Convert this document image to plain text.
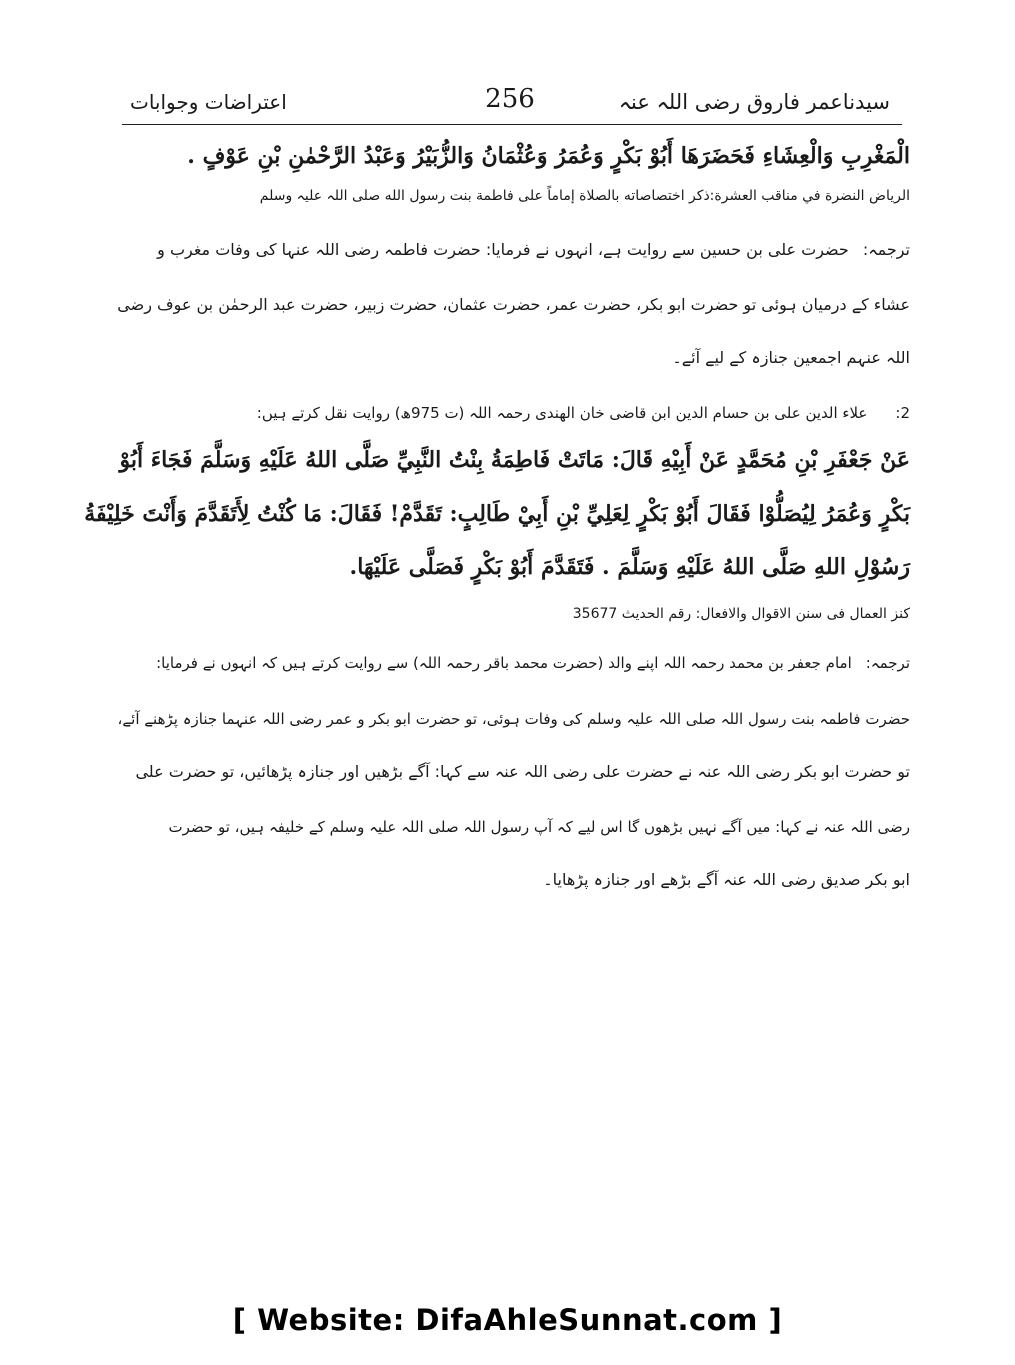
اعتراضات وجوابات	256	سیدناعمر فاروق رضی اللہ عنہ
الْمَغْرِبِ وَالْعِشَاءِ فَحَضَرَهَا أَبُوْ بَكْرٍ وَعُمَرُ وَعُثْمَانُ وَالزُّبَيْرُ وَعَبْدُ الرَّحْمٰنِ بْنِ عَوْفٍ .
الرياض النضرة في مناقب العشرة:ذكر اختصاصاته بالصلاة إماماً على فاطمة بنت رسول الله صلی اللہ علیہ وسلم
ترجمہ:حضرت علی بن حسین سے روایت ہے، انہوں نے فرمایا: حضرت فاطمہ رضی اللہ عنہا کی وفات مغرب و
عشاء کے درمیان ہوئی تو حضرت ابو بکر، حضرت عمر، حضرت عثمان، حضرت زبیر، حضرت عبد الرحمٰن بن عوف رضی
اللہ عنہم اجمعین جنازہ کے لیے آئے۔
2:علاء الدین علی بن حسام الدین ابن قاضی خان الھندی رحمہ اللہ (ت 975ھ) روایت نقل کرتے ہیں:
عَنْ جَعْفَرِ بْنِ مُحَمَّدٍ عَنْ أَبِيْهِ قَالَ: مَاتَتْ فَاطِمَةُ بِنْتُ النَّبِيِّ صَلَّى اللهُ عَلَيْهِ وَسَلَّمَ فَجَاءَ أَبُوْ
بَكْرٍ وَعُمَرُ لِيُصَلُّوْا فَقَالَ أَبُوْ بَكْرٍ لِعَلِيِّ بْنِ أَبِيْ طَالِبٍ: تَقَدَّمْ! فَقَالَ: مَا كُنْتُ لِأَتَقَدَّمَ وَأَنْتَ خَلِيْفَةُ
رَسُوْلِ اللهِ صَلَّى اللهُ عَلَيْهِ وَسَلَّمَ . فَتَقَدَّمَ أَبُوْ بَكْرٍ فَصَلَّى عَلَيْهَا.
کنز العمال فی سنن الاقوال والافعال: رقم الحدیث 35677
ترجمہ:امام جعفر بن محمد رحمہ اللہ اپنے والد (حضرت محمد باقر رحمہ اللہ) سے روایت کرتے ہیں کہ انہوں نے فرمایا:
حضرت فاطمہ بنت رسول اللہ صلی اللہ علیہ وسلم کی وفات ہوئی، تو حضرت ابو بکر و عمر رضی اللہ عنہما جنازہ پڑھنے آئے،
تو حضرت ابو بکر رضی اللہ عنہ نے حضرت علی رضی اللہ عنہ سے کہا: آگے بڑھیں اور جنازہ پڑھائیں، تو حضرت علی
رضی اللہ عنہ نے کہا: میں آگے نہیں بڑھوں گا اس لیے کہ آپ رسول اللہ صلی اللہ علیہ وسلم کے خلیفہ ہیں، تو حضرت
ابو بکر صدیق رضی اللہ عنہ آگے بڑھے اور جنازہ پڑھایا۔
[ Website: DifaAhleSunnat.com ]
